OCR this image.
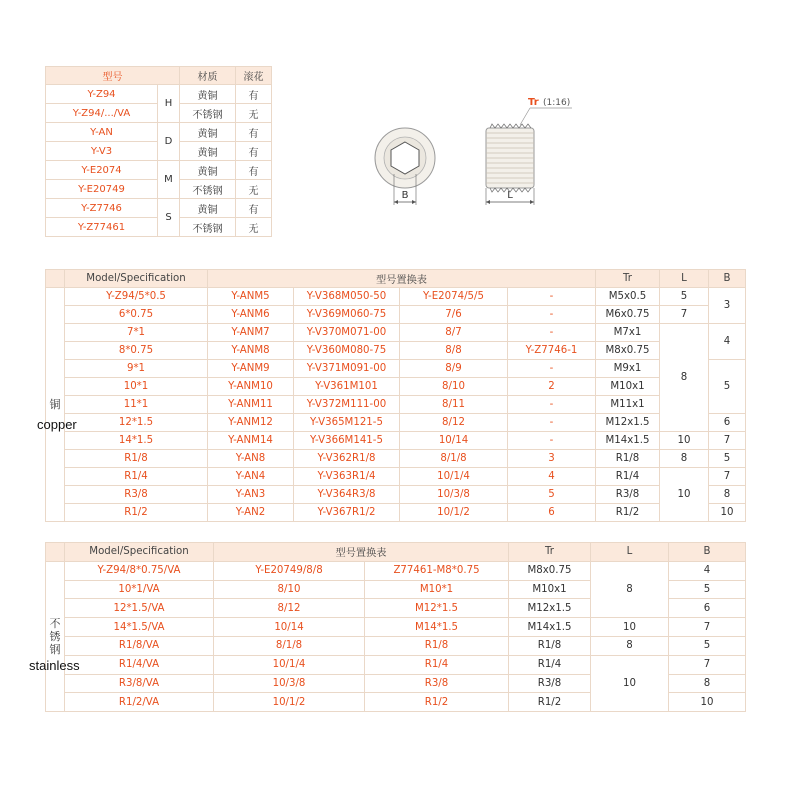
型号		材质	滚花
Y-Z94	H	黄铜	有
Y-Z94/.../VA		不锈钢	无
Y-AN	D	黄铜	有
Y-V3		黄铜	有
Y-E2074	M	黄铜	有
Y-E20749		不锈钢	无
Y-Z7746	S	黄铜	有
Y-Z77461		不锈钢	无
B	L
Tr (1:16)
	Model/Specification	型号置换表				Tr	L	B
铜	Y-Z94/5*0.5	Y-ANM5	Y-V368M050-50	Y-E2074/5/5	-	M5x0.5	5	3
	6*0.75	Y-ANM6	Y-V369M060-75	7/6	-	M6x0.75	7	
	7*1	Y-ANM7	Y-V370M071-00	8/7	-	M7x1	8	4
	8*0.75	Y-ANM8	Y-V360M080-75	8/8	Y-Z7746-1	M8x0.75		
	9*1	Y-ANM9	Y-V371M091-00	8/9	-	M9x1		5
	10*1	Y-ANM10	Y-V361M101	8/10	2	M10x1		
	11*1	Y-ANM11	Y-V372M111-00	8/11	-	M11x1		
	12*1.5	Y-ANM12	Y-V365M121-5	8/12	-	M12x1.5		6
	14*1.5	Y-ANM14	Y-V366M141-5	10/14	-	M14x1.5	10	7
	R1/8	Y-AN8	Y-V362R1/8	8/1/8	3	R1/8	8	5
	R1/4	Y-AN4	Y-V363R1/4	10/1/4	4	R1/4	10	7
	R3/8	Y-AN3	Y-V364R3/8	10/3/8	5	R3/8		8
	R1/2	Y-AN2	Y-V367R1/2	10/1/2	6	R1/2		10
copper
	Model/Specification	型号置换表		Tr	L	B
不
锈
钢	Y-Z94/8*0.75/VA	Y-E20749/8/8	Z77461-M8*0.75	M8x0.75	8	4
	10*1/VA	8/10	M10*1	M10x1		5
	12*1.5/VA	8/12	M12*1.5	M12x1.5		6
	14*1.5/VA	10/14	M14*1.5	M14x1.5	10	7
	R1/8/VA	8/1/8	R1/8	R1/8	8	5
	R1/4/VA	10/1/4	R1/4	R1/4	10	7
	R3/8/VA	10/3/8	R3/8	R3/8		8
	R1/2/VA	10/1/2	R1/2	R1/2		10
stainless
